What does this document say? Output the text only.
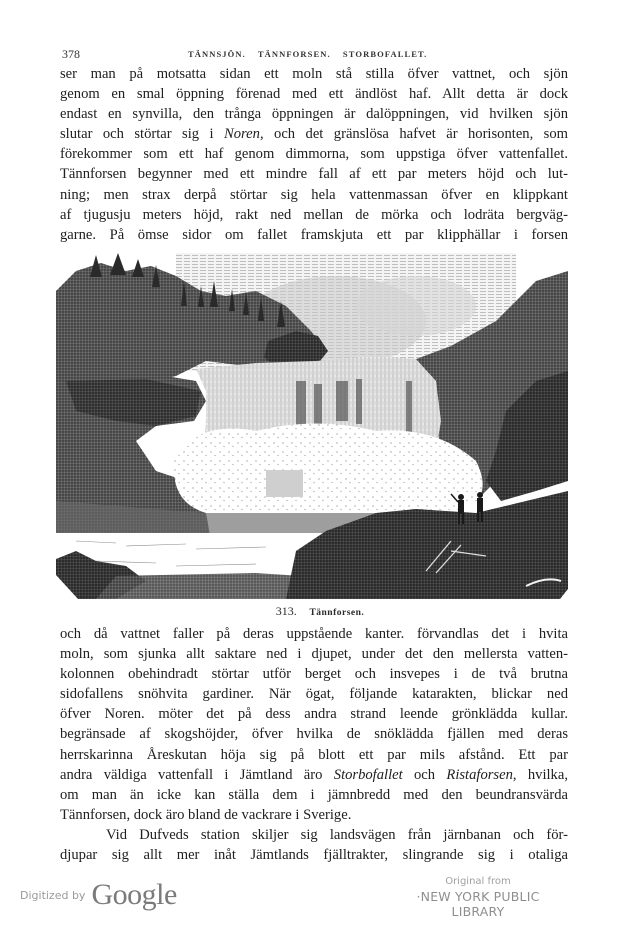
378	TÄNNSJÖN. TÄNNFORSEN. STORBOFALLET.
ser man på motsatta sidan ett moln stå stilla öfver vattnet, och sjön
genom en smal öppning förenad med ett ändlöst haf. Allt detta är dock
endast en synvilla, den trånga öppningen är dalöppningen, vid hvilken sjön
slutar och störtar sig i Noren, och det gränslösa hafvet är horisonten, som
förekommer som ett haf genom dimmorna, som uppstiga öfver vattenfallet.
Tännforsen begynner med ett mindre fall af ett par meters höjd och lut-
ning; men strax derpå störtar sig hela vattenmassan öfver en klippkant
af tjugusju meters höjd, rakt ned mellan de mörka och lodräta bergväg-
garne. På ömse sidor om fallet framskjuta ett par klipphällar i forsen
313. Tännforsen.
och då vattnet faller på deras uppstående kanter. förvandlas det i hvita
moln, som sjunka allt saktare ned i djupet, under det den mellersta vatten-
kolonnen obehindradt störtar utför berget och insvepes i de två brutna
sidofallens snöhvita gardiner. När ögat, följande katarakten, blickar ned
öfver Noren. möter det på dess andra strand leende grönklädda kullar.
begränsade af skogshöjder, öfver hvilka de snöklädda fjällen med deras
herrskarinna Åreskutan höja sig på blott ett par mils afstånd. Ett par
andra väldiga vattenfall i Jämtland äro Storbofallet och Ristaforsen, hvilka,
om man än icke kan ställa dem i jämnbredd med den beundransvärda
Tännforsen, dock äro bland de vackrare i Sverige.
Vid Dufveds station skiljer sig landsvägen från järnbanan och för-
djupar sig allt mer inåt Jämtlands fjälltrakter, slingrande sig i otaliga
Digitized by Google	Original from
·NEW YORK PUBLIC LIBRARY
